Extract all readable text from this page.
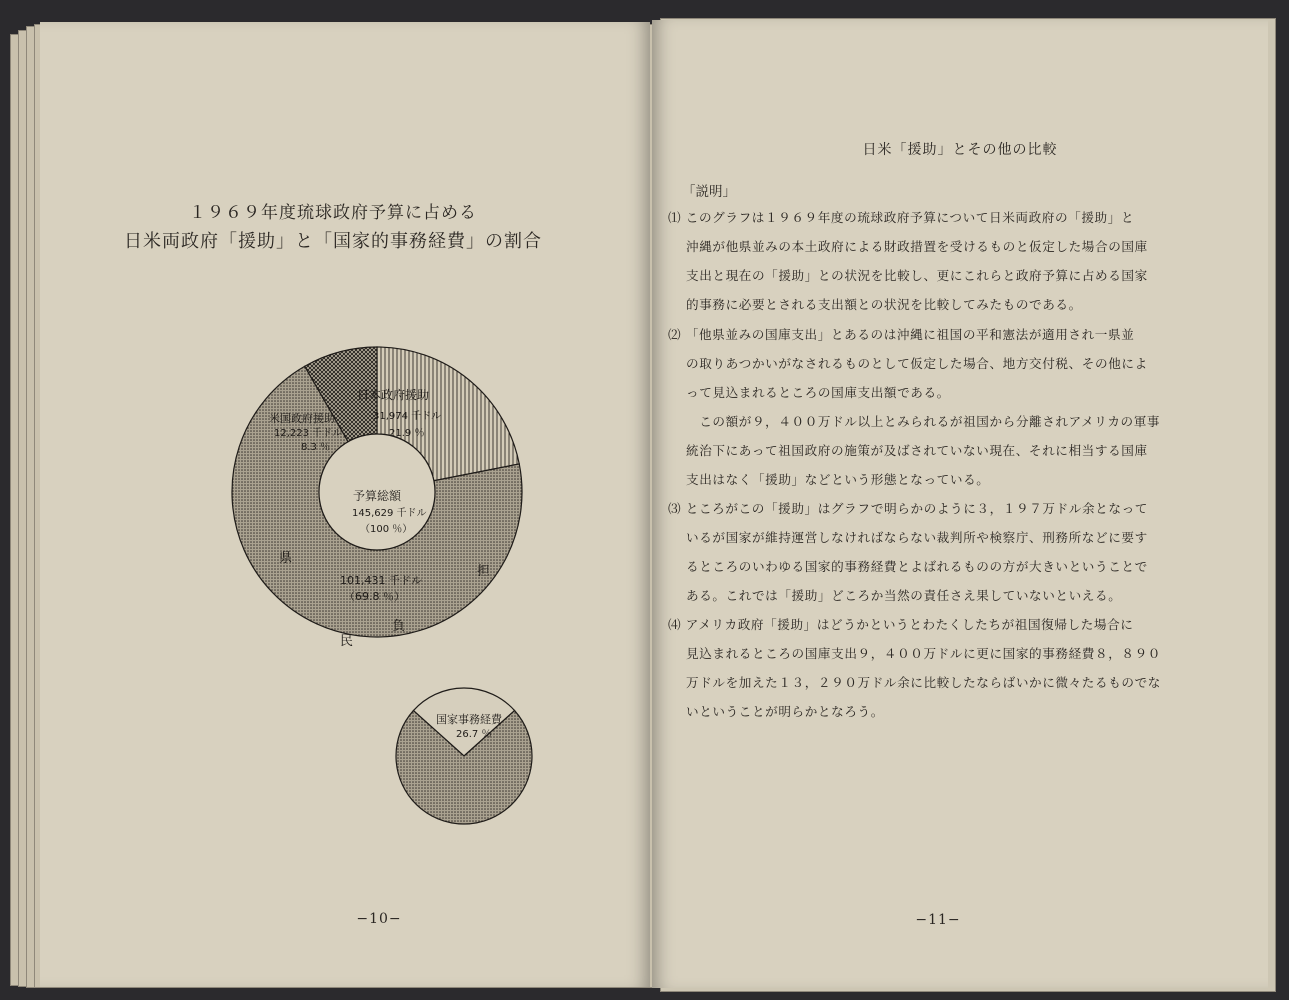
１９６９年度琉球政府予算に占める
日米両政府「援助」と「国家的事務経費」の割合
日本政府援助
31,974 千ドル
21.9 ％
米国政府援助
12,223 千ドル
8.3 ％
予算総額
145,629 千ドル
（100 ％）
101,431 千ドル
（69.8 ％）
県
民
負
担
国家事務経費
26.7 ％
−10−
日米「援助」とその他の比較
「説明」
⑴ このグラフは１９６９年度の琉球政府予算について日米両政府の「援助」と
沖縄が他県並みの本土政府による財政措置を受けるものと仮定した場合の国庫
支出と現在の「援助」との状況を比較し、更にこれらと政府予算に占める国家
的事務に必要とされる支出額との状況を比較してみたものである。
⑵ 「他県並みの国庫支出」とあるのは沖縄に祖国の平和憲法が適用され一県並
の取りあつかいがなされるものとして仮定した場合、地方交付税、その他によ
って見込まれるところの国庫支出額である。
　この額が９，４００万ドル以上とみられるが祖国から分離されアメリカの軍事
統治下にあって祖国政府の施策が及ばされていない現在、それに相当する国庫
支出はなく「援助」などという形態となっている。
⑶ ところがこの「援助」はグラフで明らかのように３，１９７万ドル余となって
いるが国家が維持運営しなければならない裁判所や検察庁、刑務所などに要す
るところのいわゆる国家的事務経費とよばれるものの方が大きいということで
ある。これでは「援助」どころか当然の責任さえ果していないといえる。
⑷ アメリカ政府「援助」はどうかというとわたくしたちが祖国復帰した場合に
見込まれるところの国庫支出９，４００万ドルに更に国家的事務経費８，８９０
万ドルを加えた１３，２９０万ドル余に比較したならばいかに微々たるものでな
いということが明らかとなろう。
−11−
